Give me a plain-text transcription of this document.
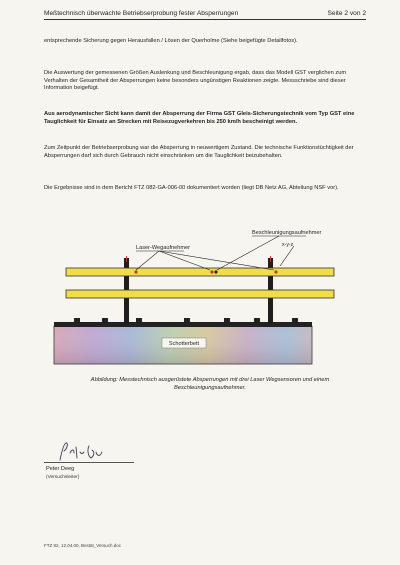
Meßtechnisch überwachte Betriebserprobung fester Absperrungen	Seite 2 von 2

entsprechende Sicherung gegen Herausfallen / Lösen der Querholme (Siehe beigefügte Detailfotos).

Die Auswertung der gemessenen Größen Auslenkung und Beschleunigung ergab, dass das Modell GST verglichen zum Verhalten der Gesamtheit der Absperrungen keine besonders ungünstigen Reaktionen zeigte. Messschriebe sind dieser Information beigefügt.

Aus aerodynamischer Sicht kann damit der Absperrung der Firma GST Gleis-Sicherungstechnik vom Typ GST eine Tauglichkeit für Einsatz an Strecken mit Reisezugverkehren bis 250 km/h bescheinigt werden.

Zum Zeitpunkt der Betriebserprobung war die Absperrung in neuwertigem Zustand. Die technische Funktionstüchtigkeit der Absperrungen darf sich durch Gebrauch nicht einschränken um die Tauglichkeit beizubehalten.

Die Ergebnisse sind in dem Bericht FTZ 082-GA-006-00 dokumentiert worden (liegt DB Netz AG, Abteilung NSF vor).

Beschleunigungsaufnehmer
Laser-Wegaufnehmer	x-y-z
Schotterbett
Abbildung: Messtechnisch ausgerüstete Absperrungen mit drei Laser Wegsensoren und einem Beschleunigungsaufnehmer.
Peter Deeg
(Versuchsleiter)
FTZ 82, 12.04.00, Bestät_Versuch.doc
